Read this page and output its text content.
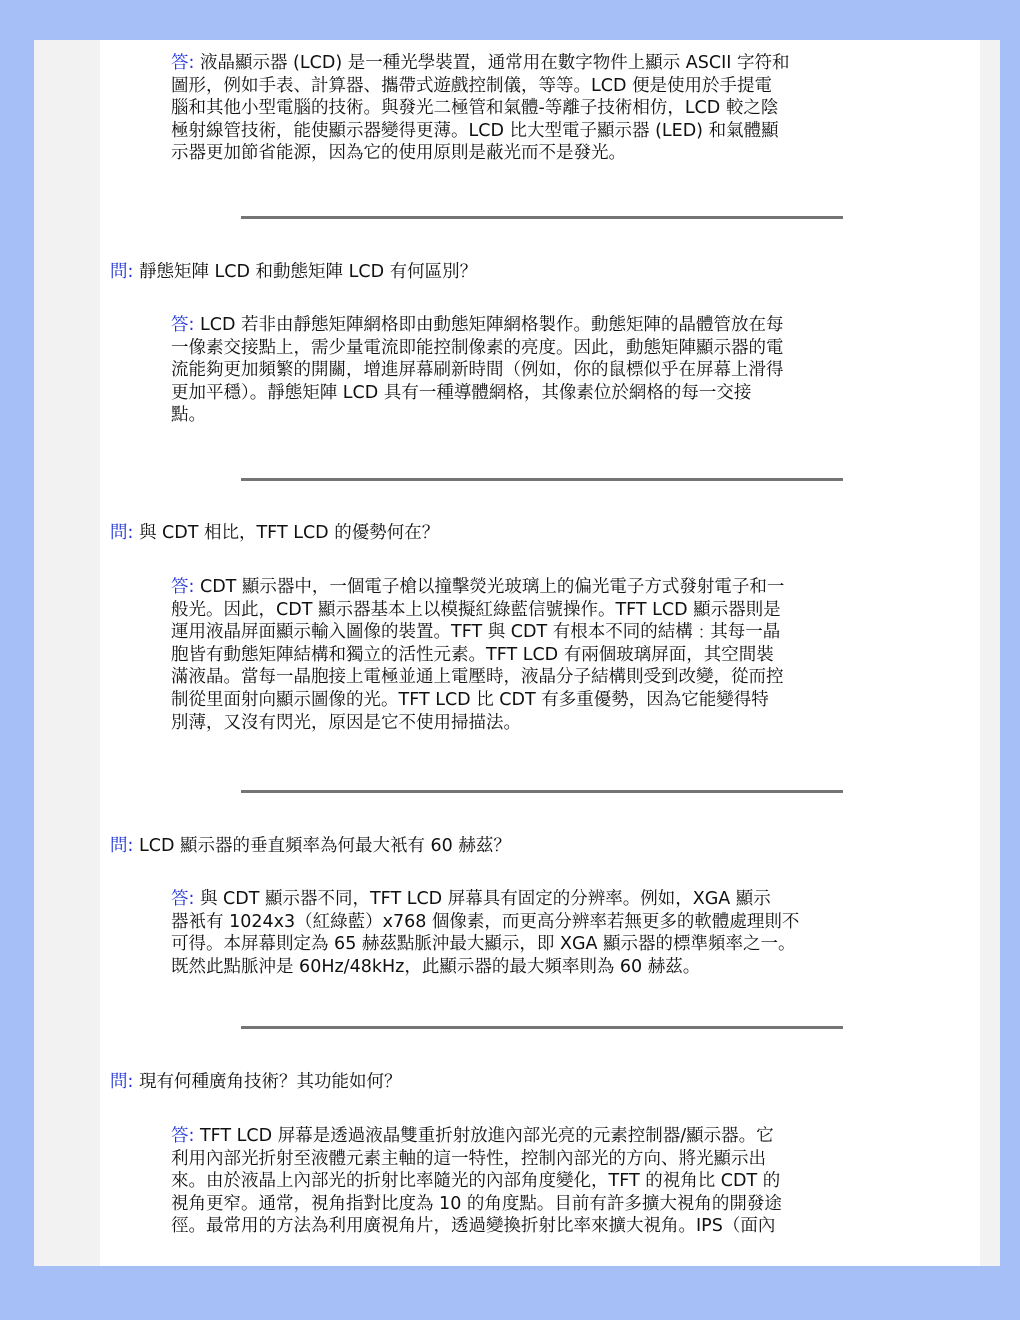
答: 液晶顯示器 (LCD) 是一種光學裝置，通常用在數字物件上顯示 ASCII 字符和
圖形，例如手表、計算器、攜帶式遊戲控制儀，等等。LCD 便是使用於手提電
腦和其他小型電腦的技術。與發光二極管和氣體-等離子技術相仿，LCD 較之陰
極射線管技術，能使顯示器變得更薄。LCD 比大型電子顯示器 (LED) 和氣體顯
示器更加節省能源，因為它的使用原則是蔽光而不是發光。
問: 靜態矩陣 LCD 和動態矩陣 LCD 有何區別？
答: LCD 若非由靜態矩陣網格即由動態矩陣網格製作。動態矩陣的晶體管放在每
一像素交接點上，需少量電流即能控制像素的亮度。因此，動態矩陣顯示器的電
流能夠更加頻繁的開關，增進屏幕刷新時間（例如，你的鼠標似乎在屏幕上滑得
更加平穩）。靜態矩陣 LCD 具有一種導體網格，其像素位於網格的每一交接
點。
問: 與 CDT 相比，TFT LCD 的優勢何在？
答: CDT 顯示器中，一個電子槍以撞擊熒光玻璃上的偏光電子方式發射電子和一
般光。因此，CDT 顯示器基本上以模擬紅綠藍信號操作。TFT LCD 顯示器則是
運用液晶屏面顯示輸入圖像的裝置。TFT 與 CDT 有根本不同的結構﹕其每一晶
胞皆有動態矩陣結構和獨立的活性元素。TFT LCD 有兩個玻璃屏面，其空間裝
滿液晶。當每一晶胞接上電極並通上電壓時，液晶分子結構則受到改變，從而控
制從里面射向顯示圖像的光。TFT LCD 比 CDT 有多重優勢，因為它能變得特
別薄，又沒有閃光，原因是它不使用掃描法。
問: LCD 顯示器的垂直頻率為何最大衹有 60 赫茲？
答: 與 CDT 顯示器不同，TFT LCD 屏幕具有固定的分辨率。例如，XGA 顯示
器衹有 1024x3（紅綠藍）x768 個像素，而更高分辨率若無更多的軟體處理則不
可得。本屏幕則定為 65 赫茲點脈沖最大顯示，即 XGA 顯示器的標準頻率之一。
既然此點脈沖是 60Hz/48kHz，此顯示器的最大頻率則為 60 赫茲。
問: 現有何種廣角技術？其功能如何？
答: TFT LCD 屏幕是透過液晶雙重折射放進內部光亮的元素控制器/顯示器。它
利用內部光折射至液體元素主軸的這一特性，控制內部光的方向、將光顯示出
來。由於液晶上內部光的折射比率隨光的內部角度變化，TFT 的視角比 CDT 的
視角更窄。通常，視角指對比度為 10 的角度點。目前有許多擴大視角的開發途
徑。最常用的方法為利用廣視角片，透過變換折射比率來擴大視角。IPS（面內
